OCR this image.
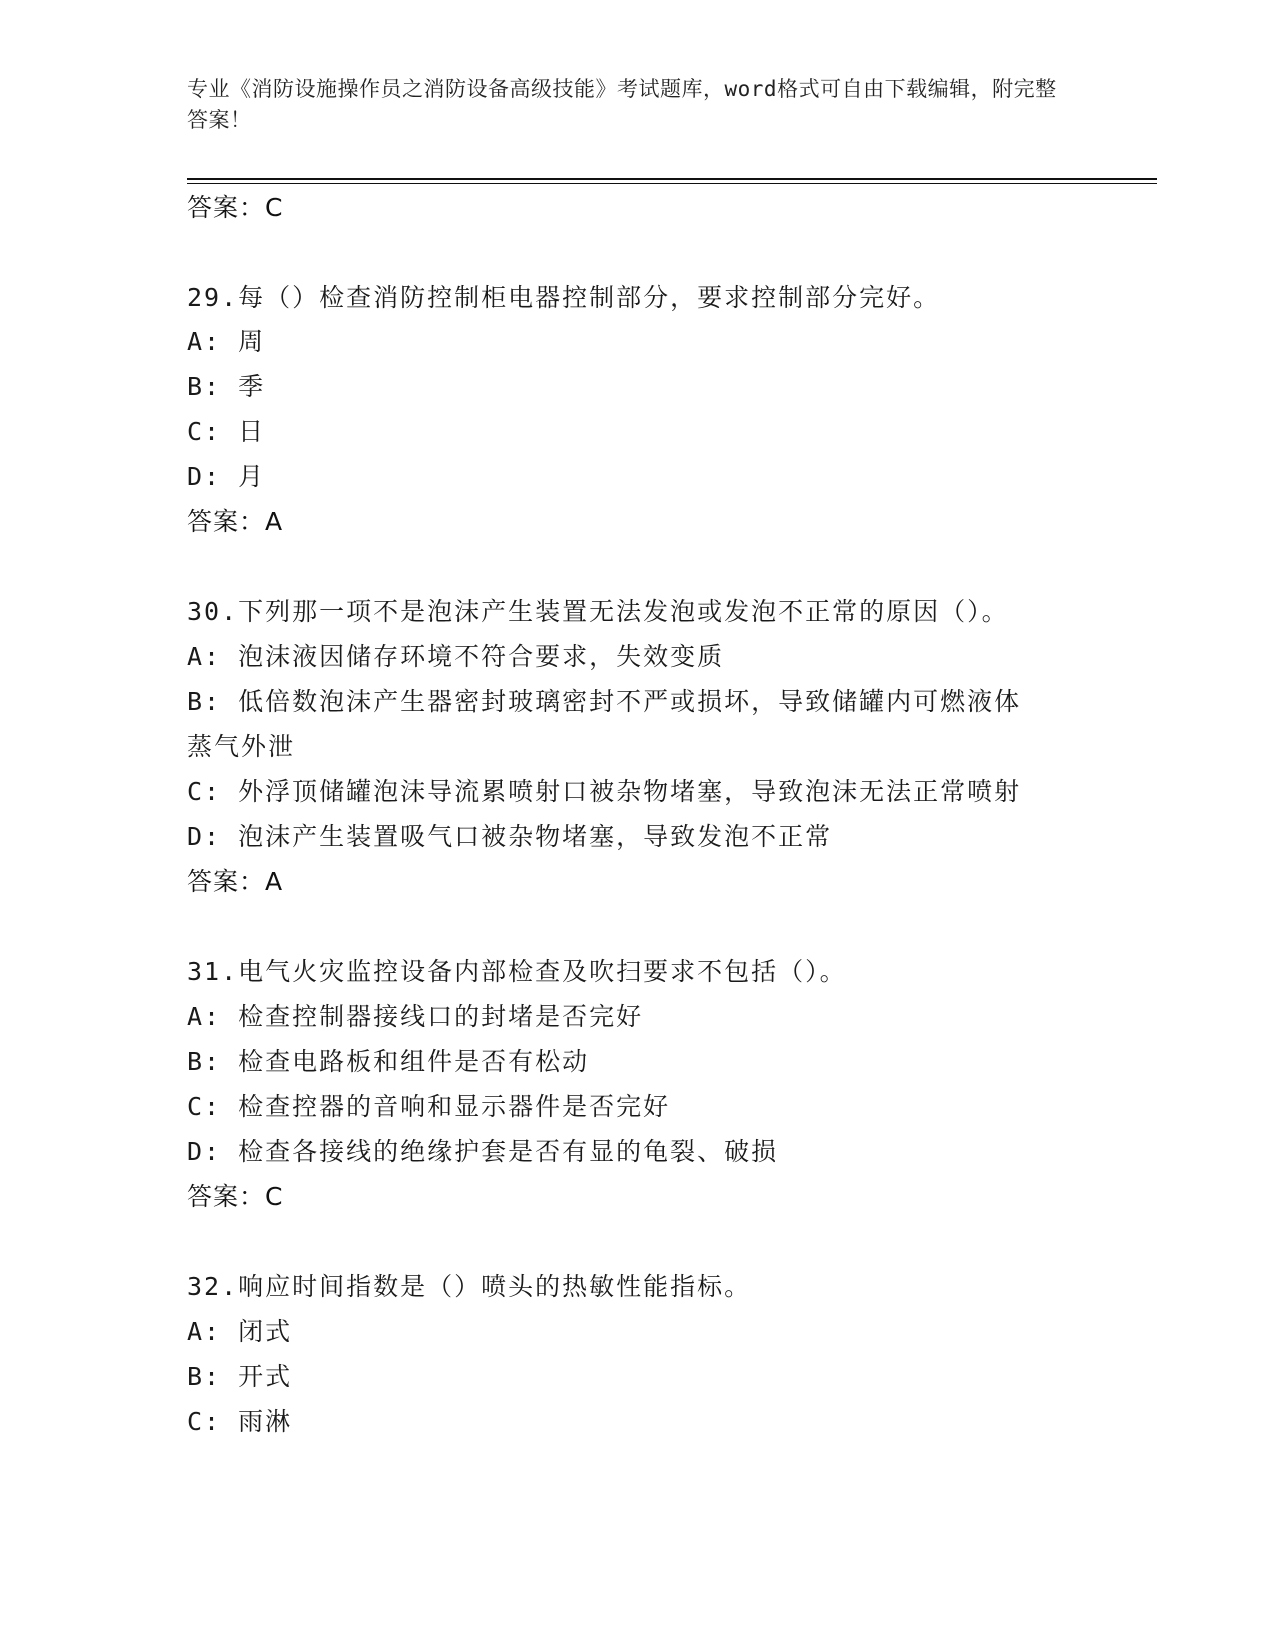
专业《消防设施操作员之消防设备高级技能》考试题库，word格式可自由下载编辑，附完整答案！
答案：C
29.每（）检查消防控制柜电器控制部分，要求控制部分完好。
A: 周
B: 季
C: 日
D: 月
答案：A
30.下列那一项不是泡沫产生装置无法发泡或发泡不正常的原因（）。
A: 泡沫液因储存环境不符合要求，失效变质
B: 低倍数泡沫产生器密封玻璃密封不严或损坏，导致储罐内可燃液体
蒸气外泄
C: 外浮顶储罐泡沫导流累喷射口被杂物堵塞，导致泡沫无法正常喷射
D: 泡沫产生装置吸气口被杂物堵塞，导致发泡不正常
答案：A
31.电气火灾监控设备内部检查及吹扫要求不包括（）。
A: 检查控制器接线口的封堵是否完好
B: 检查电路板和组件是否有松动
C: 检查控器的音响和显示器件是否完好
D: 检查各接线的绝缘护套是否有显的龟裂、破损
答案：C
32.响应时间指数是（）喷头的热敏性能指标。
A: 闭式
B: 开式
C: 雨淋
